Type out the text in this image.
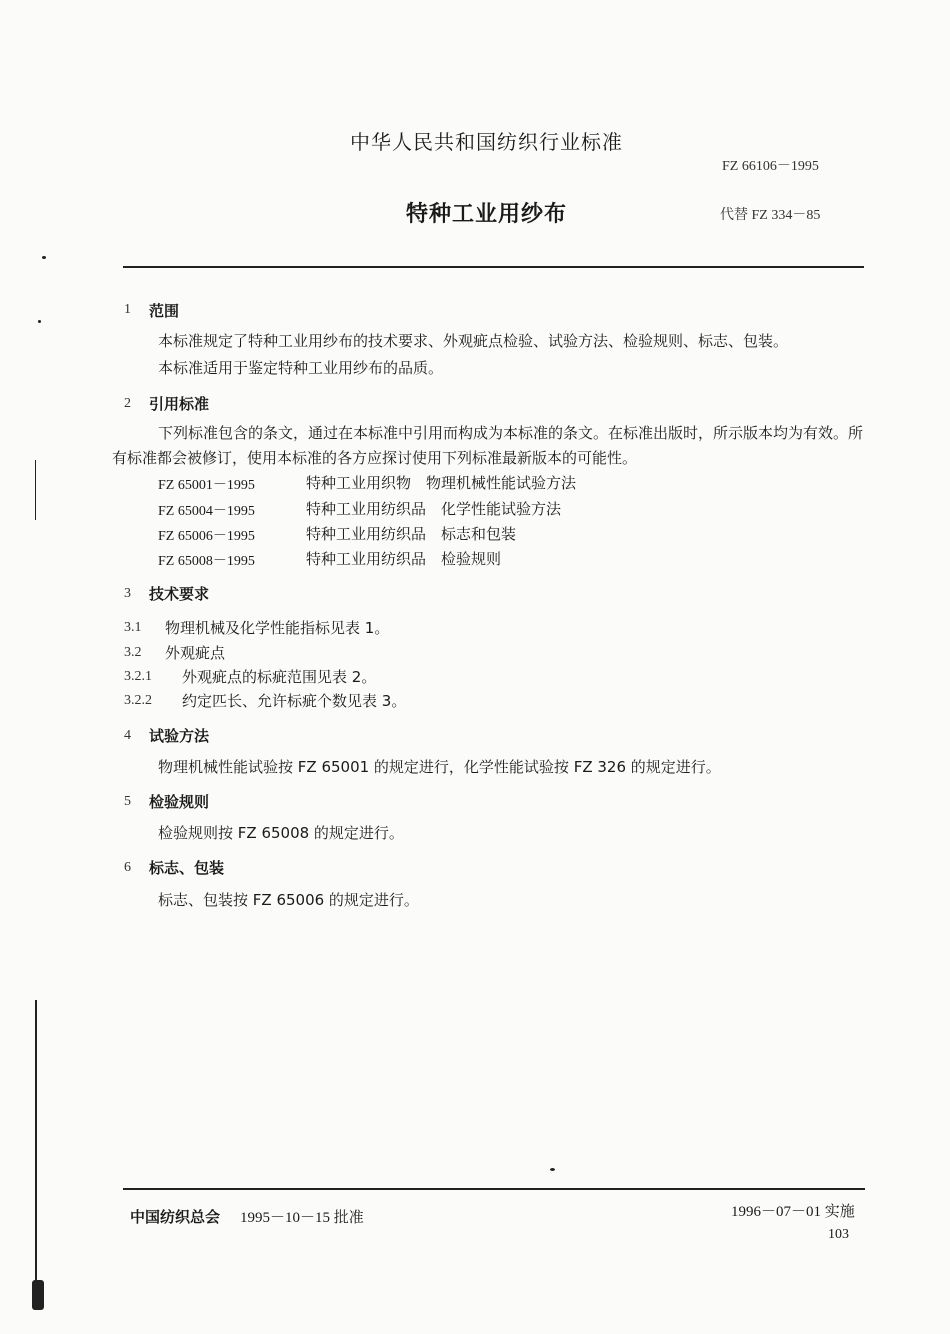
中华人民共和国纺织行业标准
FZ 66106－1995
特种工业用纱布	代替 FZ 334－85
1 范围
本标准规定了特种工业用纱布的技术要求、外观疵点检验、试验方法、检验规则、标志、包装。
本标准适用于鉴定特种工业用纱布的品质。
2 引用标准
下列标准包含的条文，通过在本标准中引用而构成为本标准的条文。在标准出版时，所示版本均为有效。所有标准都会被修订，使用本标准的各方应探讨使用下列标准最新版本的可能性。
FZ 65001－1995	特种工业用织物　物理机械性能试验方法
FZ 65004－1995	特种工业用纺织品　化学性能试验方法
FZ 65006－1995	特种工业用纺织品　标志和包装
FZ 65008－1995	特种工业用纺织品　检验规则
3 技术要求
3.1 物理机械及化学性能指标见表 1。
3.2 外观疵点
3.2.1 外观疵点的标疵范围见表 2。
3.2.2 约定匹长、允许标疵个数见表 3。
4 试验方法
物理机械性能试验按 FZ 65001 的规定进行，化学性能试验按 FZ 326 的规定进行。
5 检验规则
检验规则按 FZ 65008 的规定进行。
6 标志、包装
标志、包装按 FZ 65006 的规定进行。
中国纺织总会 1995－10－15 批准	1996－07－01 实施
103
